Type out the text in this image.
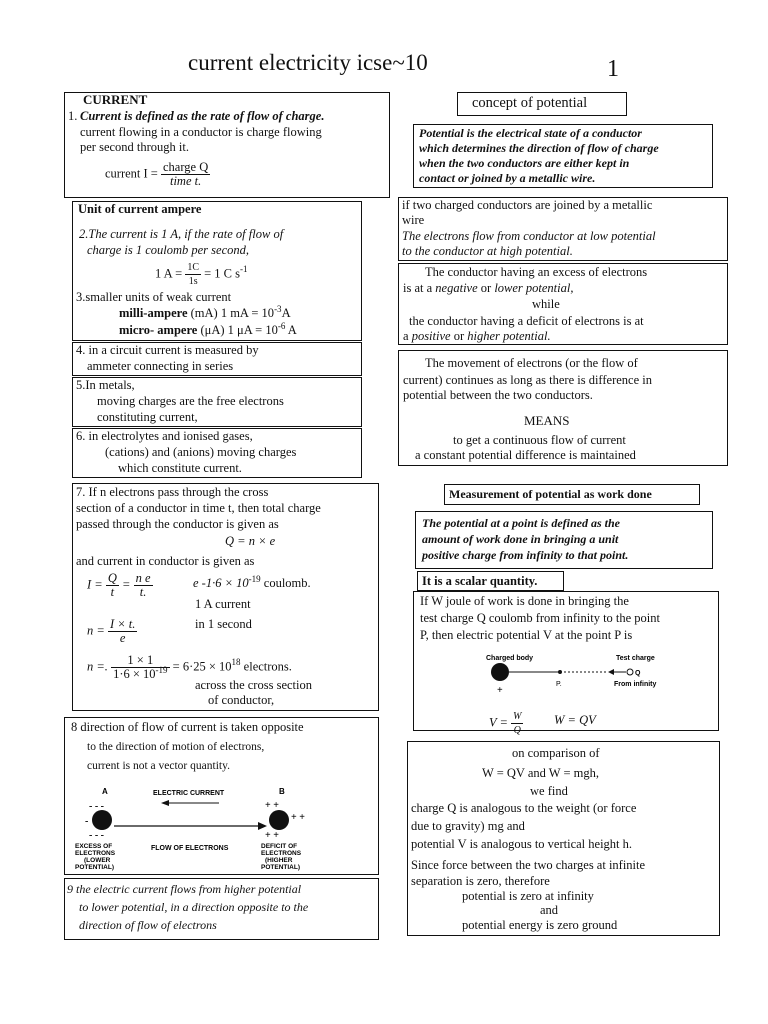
current electricity icse~10	1
CURRENT
1. Current is defined as the rate of flow of charge.
current flowing in a conductor is charge flowing
per second through it.
current $I = \frac{\text{charge Q}}{\text{time t.}}$
Unit of current ampere
2.The current is 1 A, if the rate of flow of
charge is 1 coulomb per second,
1 $A = \frac{1C}{1s} = 1$ C $s^{-1}$
3.smaller units of weak current
milli-ampere (mA) 1 mA = $10^{-3}A$
micro- ampere (μA) 1 $\mu A = 10^{-6}$ A
4. in a circuit current is measured by
ammeter connecting in series
5.In metals,
moving charges are the free electrons
constituting current,
6. in electrolytes and ionised gases,
(cations) and (anions) moving charges
which constitute current.
7. If n electrons pass through the cross
section of a conductor in time t, then total charge
passed through the conductor is given as
Q = n × e
and current in conductor is given as
$I = \frac{Q}{t} = \frac{\text{n e}}{t.}$	e $-1\cdot 6 \times 10^{-19}$ coulomb.
1 A current
$n = \frac{I \times t.}{e}$	in 1 second
n =. $\frac{1 \times 1}{1\cdot 6 \times 10^{-19}} = 6\cdot 25 \times 10^{18}$ electrons.
across the cross section
of conductor,
8 direction of flow of current is taken opposite
to the direction of motion of electrons,
current is not a vector quantity.
A	B
ELECTRIC CURRENT
- - -
-
- - -
+ +
+ +
+ +
FLOW OF ELECTRONS
EXCESS OF
ELECTRONS
(LOWER
POTENTIAL)
DEFICIT OF
ELECTRONS
(HIGHER
POTENTIAL)
9 the electric current flows from higher potential
to lower potential, in a direction opposite to the
direction of flow of electrons
concept of potential
Potential is the electrical state of a conductor
which determines the direction of flow of charge
when the two conductors are either kept in
contact or joined by a metallic wire.
if two charged conductors are joined by a metallic
wire
The electrons flow from conductor at low potential
to the conductor at high potential.
The conductor having an excess of electrons
is at a negative or lower potential,
while
the conductor having a deficit of electrons is at
a positive or higher potential.
The movement of electrons (or the flow of
current) continues as long as there is difference in
potential between the two conductors.
MEANS
to get a continuous flow of current
a constant potential difference is maintained
Measurement of potential as work done
The potential at a point is defined as the
amount of work done in bringing a unit
positive charge from infinity to that point.
It is a scalar quantity.
If W joule of work is done in bringing the
test charge Q coulomb from infinity to the point
P, then electric potential V at the point P is
Charged body	Test charge
Q
+
P.	From infinity
$V = \frac{W}{Q}$ W = QV
on comparison of
W = QV and W = mgh,
we find
charge Q is analogous to the weight (or force
due to gravity) mg and
potential V is analogous to vertical height h.
Since force between the two charges at infinite
separation is zero, therefore
potential is zero at infinity
and
potential energy is zero ground
